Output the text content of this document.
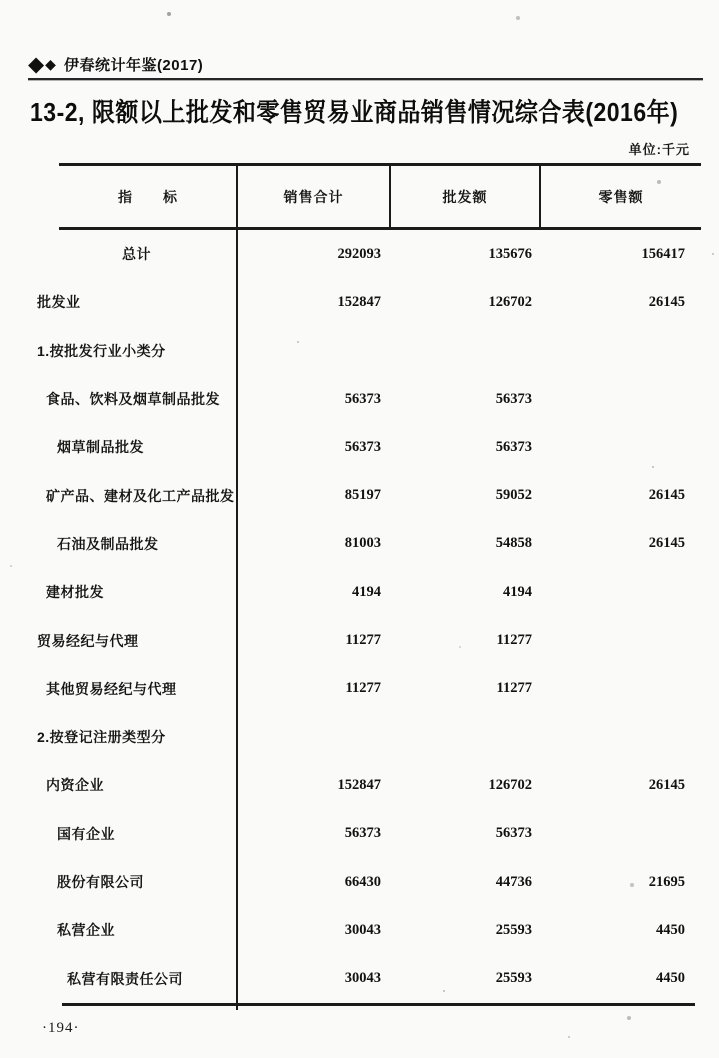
◆ ◆ 伊春统计年鉴(2017)
13-2, 限额以上批发和零售贸易业商品销售情况综合表(2016年)
单位:千元
指　　标	销售合计	批发额	零售额
总计	292093	135676	156417
批发业	152847	126702	26145
1.按批发行业小类分
食品、饮料及烟草制品批发	56373	56373
烟草制品批发	56373	56373
矿产品、建材及化工产品批发	85197	59052	26145
石油及制品批发	81003	54858	26145
建材批发	4194	4194
贸易经纪与代理	11277	11277
其他贸易经纪与代理	11277	11277
2.按登记注册类型分
内资企业	152847	126702	26145
国有企业	56373	56373
股份有限公司	66430	44736	21695
私营企业	30043	25593	4450
私营有限责任公司	30043	25593	4450
·194·
